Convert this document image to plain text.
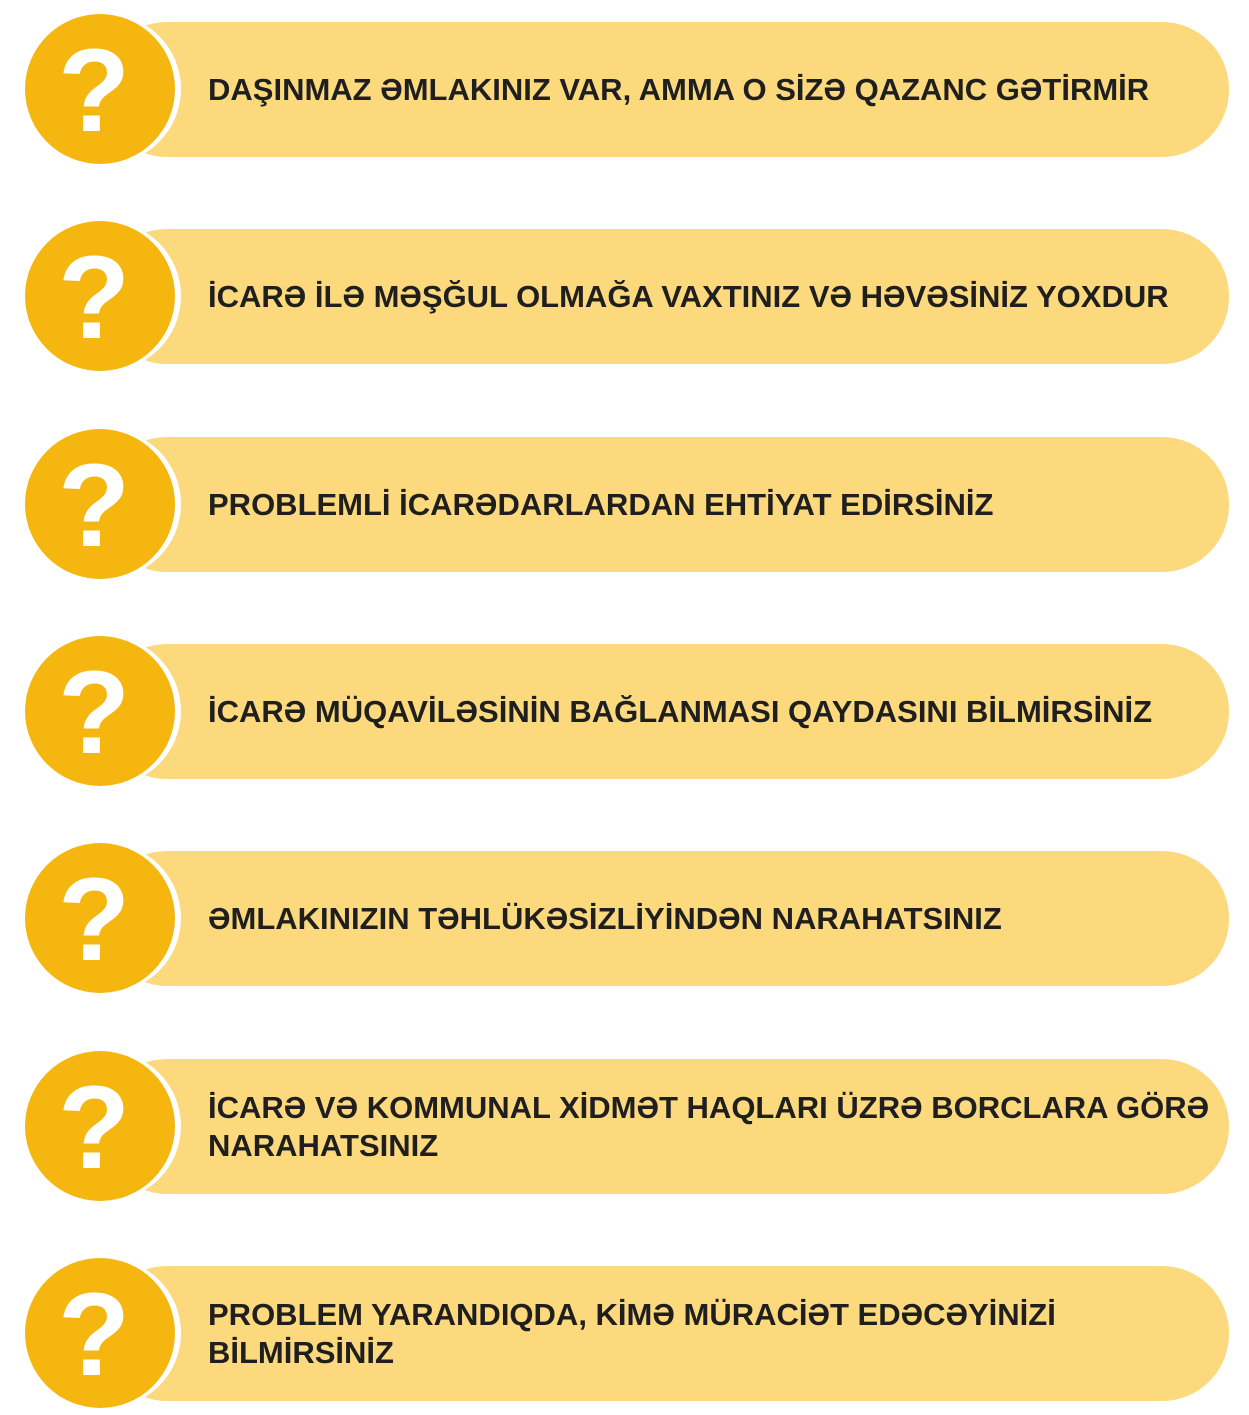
?	DAŞINMAZ ƏMLAKINIZ VAR, AMMA O SİZƏ QAZANC GƏTİRMİR
?	İCARƏ İLƏ MƏŞĞUL OLMAĞA VAXTINIZ VƏ HƏVƏSİNİZ YOXDUR
?	PROBLEMLİ İCARƏDARLARDAN EHTİYAT EDİRSİNİZ
?	İCARƏ MÜQAVİLƏSİNİN BAĞLANMASI QAYDASINI BİLMİRSİNİZ
?	ƏMLAKINIZIN TƏHLÜKƏSİZLİYİNDƏN NARAHATSINIZ
?	İCARƏ VƏ KOMMUNAL XİDMƏT HAQLARI ÜZRƏ BORCLARA GÖRƏ
NARAHATSINIZ
?	PROBLEM YARANDIQDA, KİMƏ MÜRACİƏT EDƏCƏYİNİZİ
BİLMİRSİNİZ
